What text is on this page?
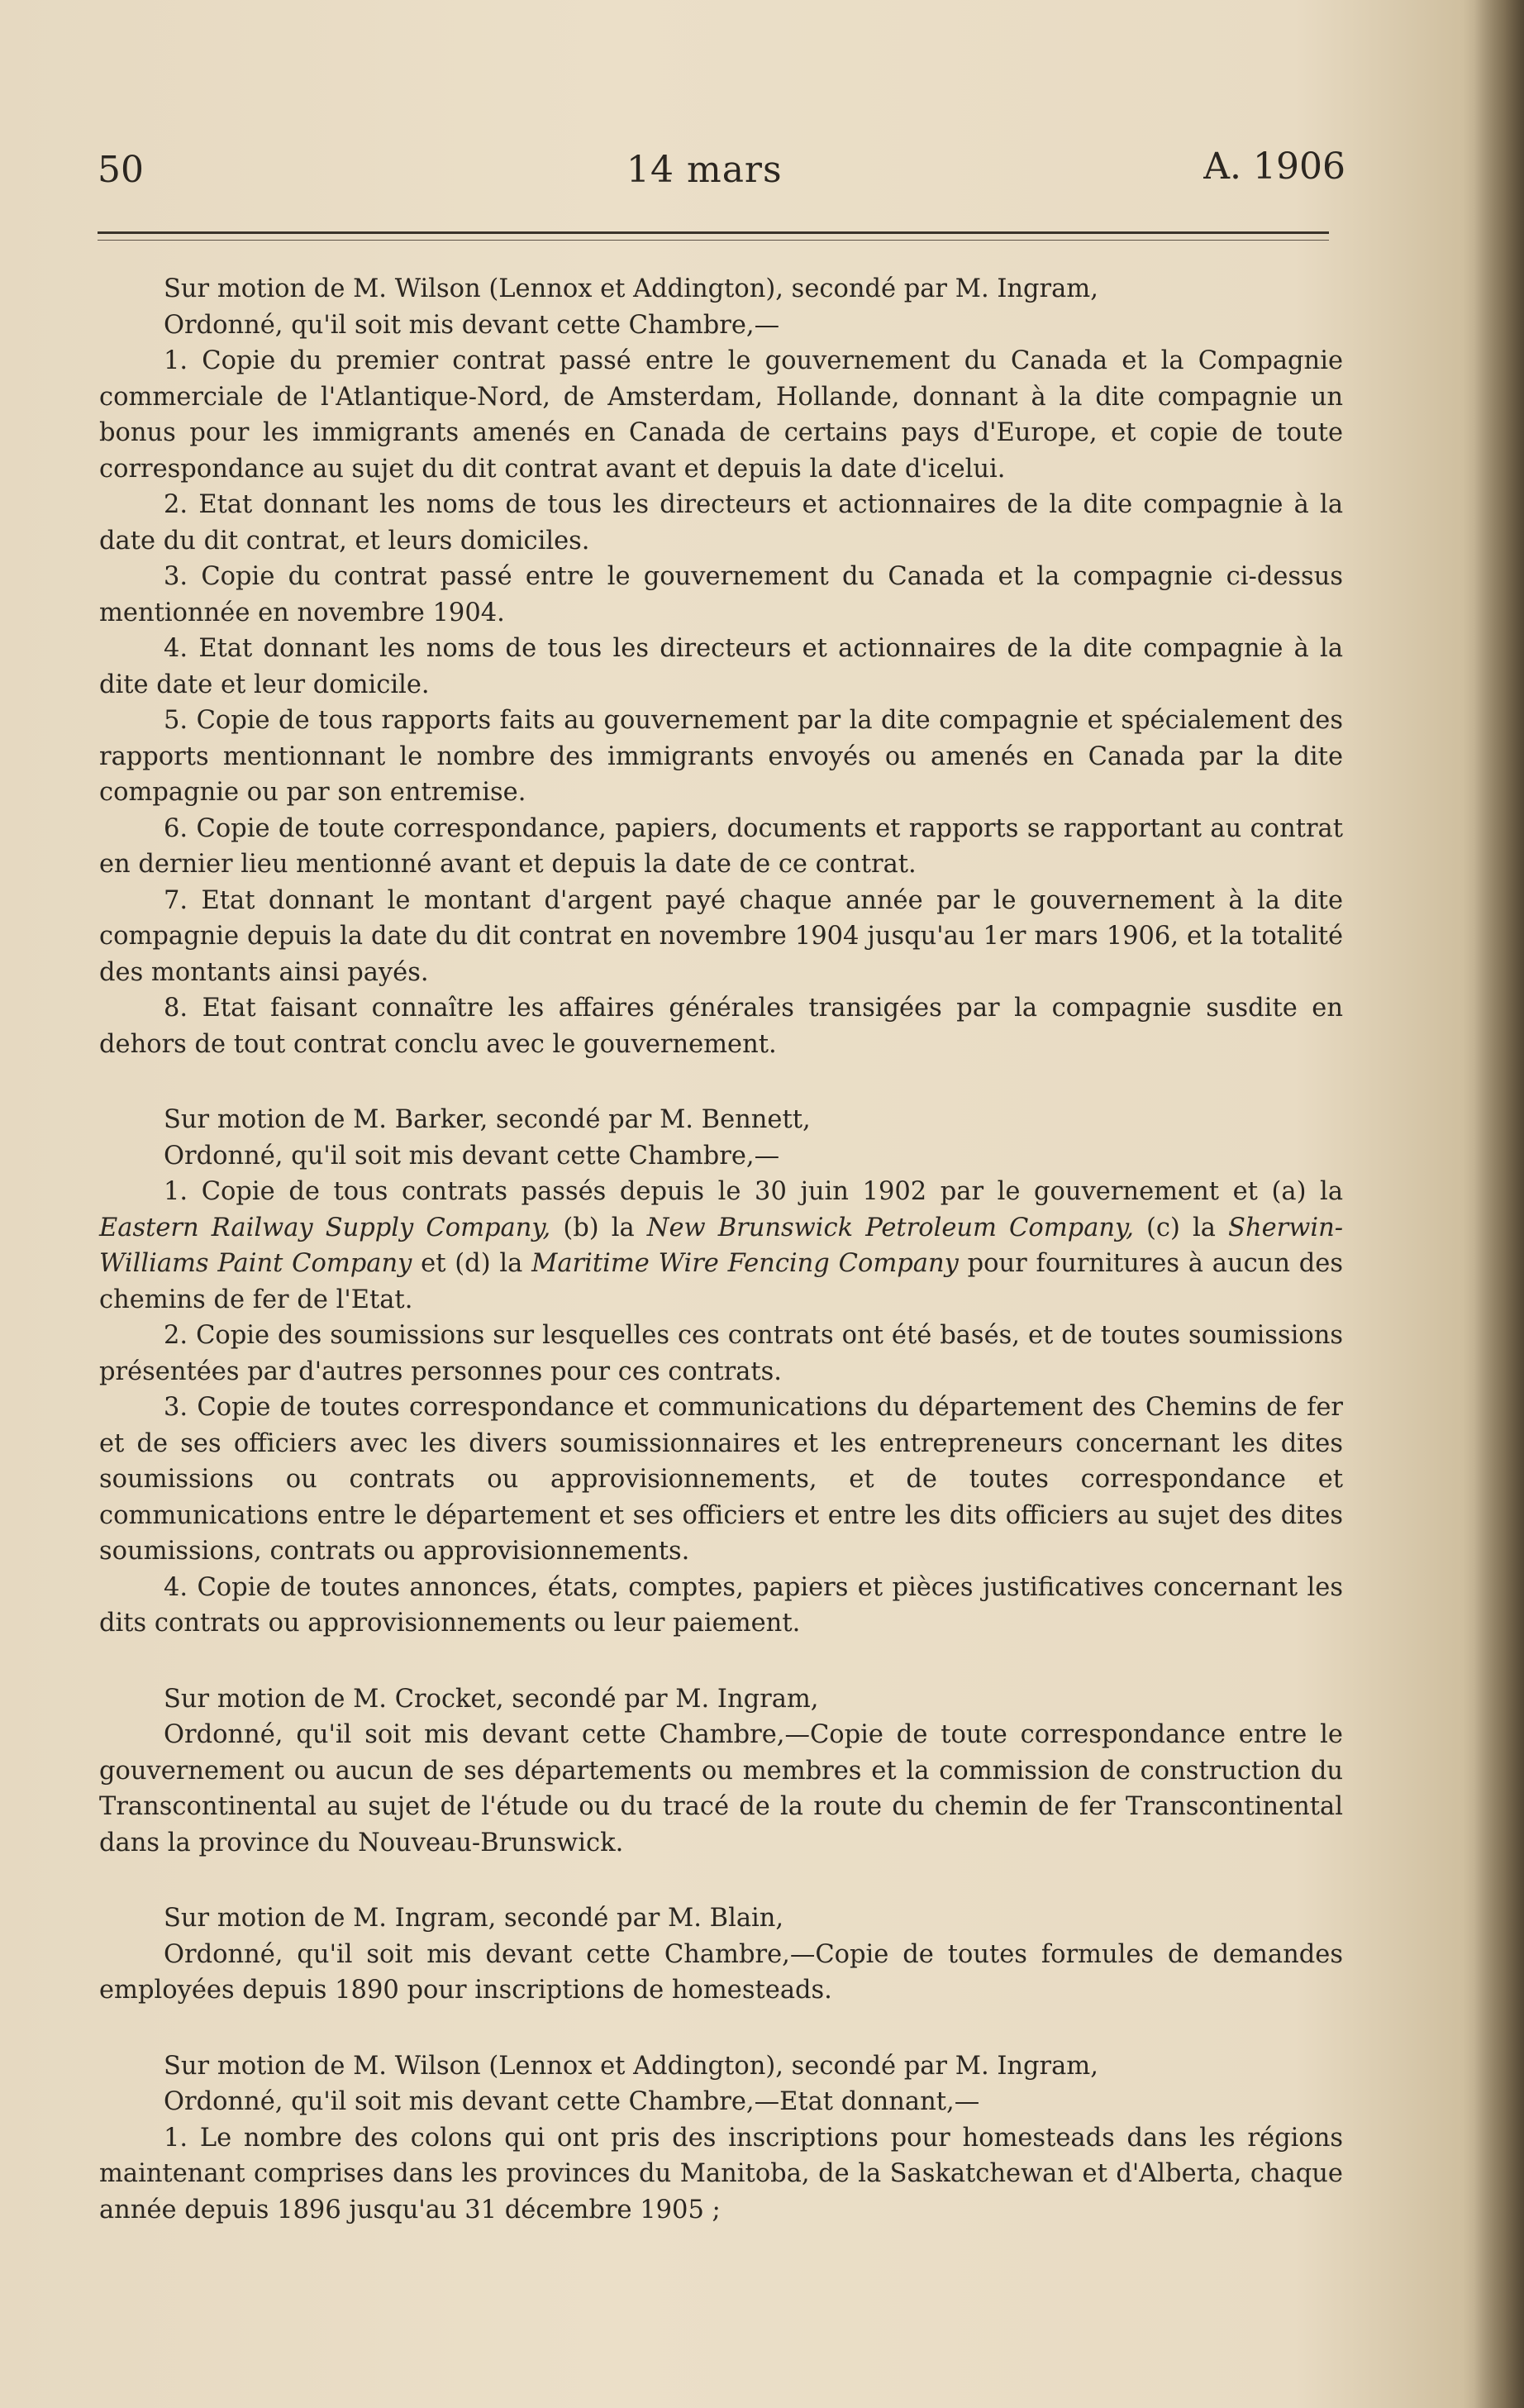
50	14 mars	A. 1906

Sur motion de M. Wilson (Lennox et Addington), secondé par M. Ingram,

Ordonné, qu'il soit mis devant cette Chambre,—

1. Copie du premier contrat passé entre le gouvernement du Canada et la Compagnie commerciale de l'Atlantique-Nord, de Amsterdam, Hollande, donnant à la dite compagnie un bonus pour les immigrants amenés en Canada de certains pays d'Europe, et copie de toute correspondance au sujet du dit contrat avant et depuis la date d'icelui.

2. Etat donnant les noms de tous les directeurs et actionnaires de la dite compagnie à la date du dit contrat, et leurs domiciles.

3. Copie du contrat passé entre le gouvernement du Canada et la compagnie ci-dessus mentionnée en novembre 1904.

4. Etat donnant les noms de tous les directeurs et actionnaires de la dite compagnie à la dite date et leur domicile.

5. Copie de tous rapports faits au gouvernement par la dite compagnie et spécialement des rapports mentionnant le nombre des immigrants envoyés ou amenés en Canada par la dite compagnie ou par son entremise.

6. Copie de toute correspondance, papiers, documents et rapports se rapportant au contrat en dernier lieu mentionné avant et depuis la date de ce contrat.

7. Etat donnant le montant d'argent payé chaque année par le gouvernement à la dite compagnie depuis la date du dit contrat en novembre 1904 jusqu'au 1er mars 1906, et la totalité des montants ainsi payés.

8. Etat faisant connaître les affaires générales transigées par la compagnie susdite en dehors de tout contrat conclu avec le gouvernement.

Sur motion de M. Barker, secondé par M. Bennett,

Ordonné, qu'il soit mis devant cette Chambre,—

1. Copie de tous contrats passés depuis le 30 juin 1902 par le gouvernement et (a) la Eastern Railway Supply Company, (b) la New Brunswick Petroleum Company, (c) la Sherwin-Williams Paint Company et (d) la Maritime Wire Fencing Company pour fournitures à aucun des chemins de fer de l'Etat.

2. Copie des soumissions sur lesquelles ces contrats ont été basés, et de toutes soumissions présentées par d'autres personnes pour ces contrats.

3. Copie de toutes correspondance et communications du département des Chemins de fer et de ses officiers avec les divers soumissionnaires et les entrepreneurs concernant les dites soumissions ou contrats ou approvisionnements, et de toutes correspondance et communications entre le département et ses officiers et entre les dits officiers au sujet des dites soumissions, contrats ou approvisionnements.

4. Copie de toutes annonces, états, comptes, papiers et pièces justificatives concernant les dits contrats ou approvisionnements ou leur paiement.

Sur motion de M. Crocket, secondé par M. Ingram,

Ordonné, qu'il soit mis devant cette Chambre,—Copie de toute correspondance entre le gouvernement ou aucun de ses départements ou membres et la commission de construction du Transcontinental au sujet de l'étude ou du tracé de la route du chemin de fer Transcontinental dans la province du Nouveau-Brunswick.

Sur motion de M. Ingram, secondé par M. Blain,

Ordonné, qu'il soit mis devant cette Chambre,—Copie de toutes formules de demandes employées depuis 1890 pour inscriptions de homesteads.

Sur motion de M. Wilson (Lennox et Addington), secondé par M. Ingram,

Ordonné, qu'il soit mis devant cette Chambre,—Etat donnant,—

1. Le nombre des colons qui ont pris des inscriptions pour homesteads dans les régions maintenant comprises dans les provinces du Manitoba, de la Saskatchewan et d'Alberta, chaque année depuis 1896 jusqu'au 31 décembre 1905 ;
